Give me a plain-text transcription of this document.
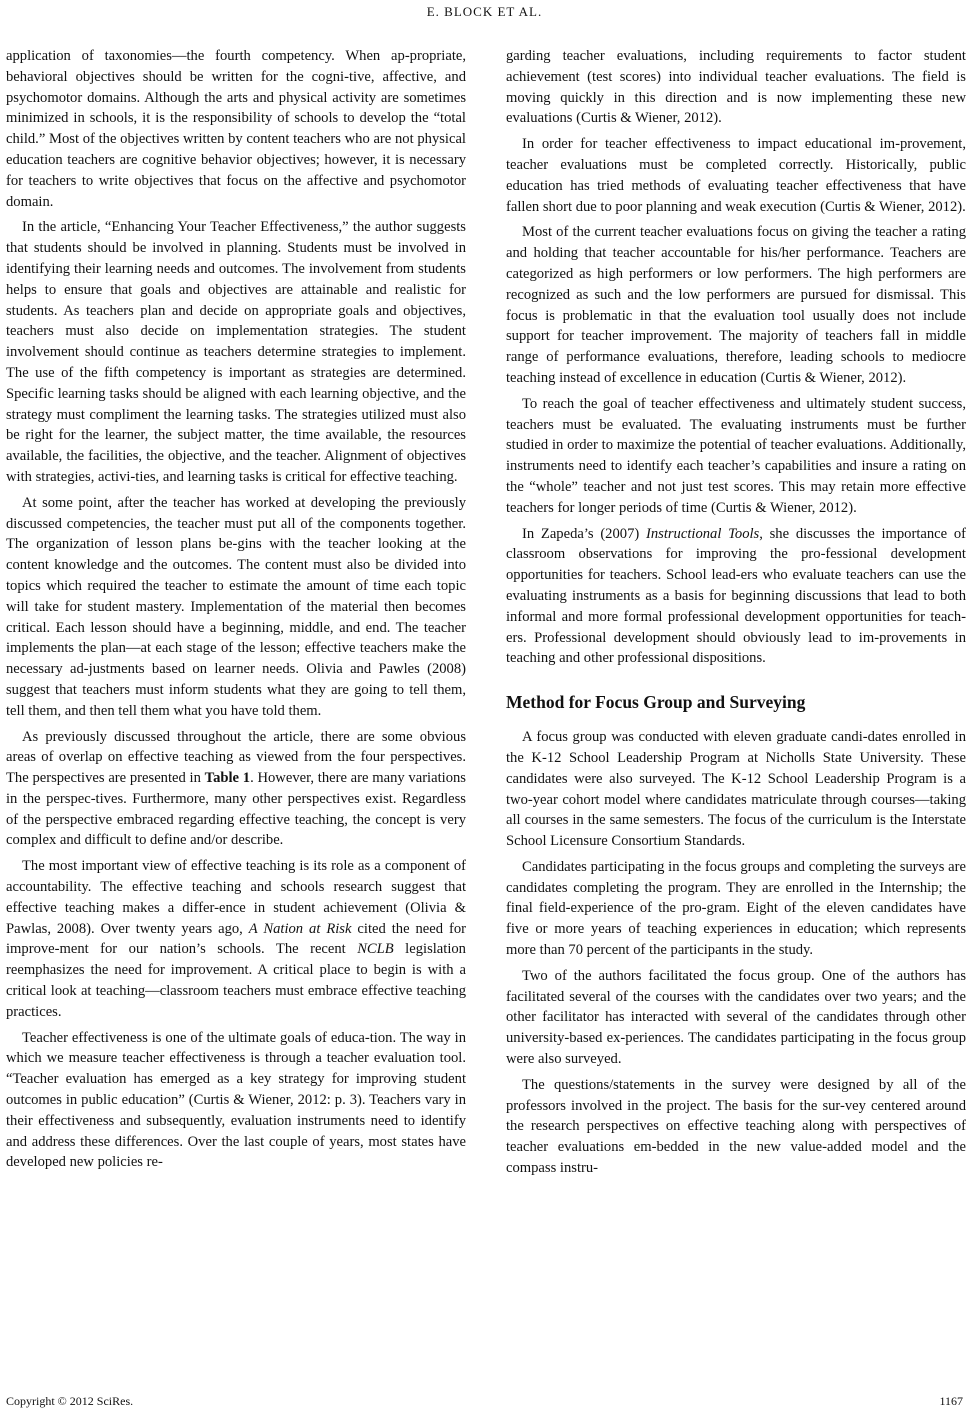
E. BLOCK ET AL.

application of taxonomies—the fourth competency. When ap-propriate, behavioral objectives should be written for the cogni-tive, affective, and psychomotor domains. Although the arts and physical activity are sometimes minimized in schools, it is the responsibility of schools to develop the “total child.” Most of the objectives written by content teachers who are not physical education teachers are cognitive behavior objectives; however, it is necessary for teachers to write objectives that focus on the affective and psychomotor domain.

In the article, “Enhancing Your Teacher Effectiveness,” the author suggests that students should be involved in planning. Students must be involved in identifying their learning needs and outcomes. The involvement from students helps to ensure that goals and objectives are attainable and realistic for students. As teachers plan and decide on appropriate goals and objectives, teachers must also decide on implementation strategies. The student involvement should continue as teachers determine strategies to implement. The use of the fifth competency is important as strategies are determined. Specific learning tasks should be aligned with each learning objective, and the strategy must compliment the learning tasks. The strategies utilized must also be right for the learner, the subject matter, the time available, the resources available, the facilities, the objective, and the teacher. Alignment of objectives with strategies, activi-ties, and learning tasks is critical for effective teaching.

At some point, after the teacher has worked at developing the previously discussed competencies, the teacher must put all of the components together. The organization of lesson plans be-gins with the teacher looking at the content knowledge and the outcomes. The content must also be divided into topics which required the teacher to estimate the amount of time each topic will take for student mastery. Implementation of the material then becomes critical. Each lesson should have a beginning, middle, and end. The teacher implements the plan—at each stage of the lesson; effective teachers make the necessary ad-justments based on learner needs. Olivia and Pawles (2008) suggest that teachers must inform students what they are going to tell them, tell them, and then tell them what you have told them.

As previously discussed throughout the article, there are some obvious areas of overlap on effective teaching as viewed from the four perspectives. The perspectives are presented in Table 1. However, there are many variations in the perspec-tives. Furthermore, many other perspectives exist. Regardless of the perspective embraced regarding effective teaching, the concept is very complex and difficult to define and/or describe.

The most important view of effective teaching is its role as a component of accountability. The effective teaching and schools research suggest that effective teaching makes a differ-ence in student achievement (Olivia & Pawlas, 2008). Over twenty years ago, A Nation at Risk cited the need for improve-ment for our nation’s schools. The recent NCLB legislation reemphasizes the need for improvement. A critical place to begin is with a critical look at teaching—classroom teachers must embrace effective teaching practices.

Teacher effectiveness is one of the ultimate goals of educa-tion. The way in which we measure teacher effectiveness is through a teacher evaluation tool. “Teacher evaluation has emerged as a key strategy for improving student outcomes in public education” (Curtis & Wiener, 2012: p. 3). Teachers vary in their effectiveness and subsequently, evaluation instruments need to identify and address these differences. Over the last couple of years, most states have developed new policies re-

garding teacher evaluations, including requirements to factor student achievement (test scores) into individual teacher evaluations. The field is moving quickly in this direction and is now implementing these new evaluations (Curtis & Wiener, 2012).

In order for teacher effectiveness to impact educational im-provement, teacher evaluations must be completed correctly. Historically, public education has tried methods of evaluating teacher effectiveness that have fallen short due to poor planning and weak execution (Curtis & Wiener, 2012).

Most of the current teacher evaluations focus on giving the teacher a rating and holding that teacher accountable for his/her performance. Teachers are categorized as high performers or low performers. The high performers are recognized as such and the low performers are pursued for dismissal. This focus is problematic in that the evaluation tool usually does not include support for teacher improvement. The majority of teachers fall in middle range of performance evaluations, therefore, leading schools to mediocre teaching instead of excellence in education (Curtis & Wiener, 2012).

To reach the goal of teacher effectiveness and ultimately student success, teachers must be evaluated. The evaluating instruments must be further studied in order to maximize the potential of teacher evaluations. Additionally, instruments need to identify each teacher’s capabilities and insure a rating on the “whole” teacher and not just test scores. This may retain more effective teachers for longer periods of time (Curtis & Wiener, 2012).

In Zapeda’s (2007) Instructional Tools, she discusses the importance of classroom observations for improving the pro-fessional development opportunities for teachers. School lead-ers who evaluate teachers can use the evaluating instruments as a basis for beginning discussions that lead to both informal and more formal professional development opportunities for teach-ers. Professional development should obviously lead to im-provements in teaching and other professional dispositions.

Method for Focus Group and Surveying

A focus group was conducted with eleven graduate candi-dates enrolled in the K-12 School Leadership Program at Nicholls State University. These candidates were also surveyed. The K-12 School Leadership Program is a two-year cohort model where candidates matriculate through courses—taking all courses in the same semesters. The focus of the curriculum is the Interstate School Licensure Consortium Standards.

Candidates participating in the focus groups and completing the surveys are candidates completing the program. They are enrolled in the Internship; the final field-experience of the pro-gram. Eight of the eleven candidates have five or more years of teaching experiences in education; which represents more than 70 percent of the participants in the study.

Two of the authors facilitated the focus group. One of the authors has facilitated several of the courses with the candidates over two years; and the other facilitator has interacted with several of the candidates through other university-based ex-periences. The candidates participating in the focus group were also surveyed.

The questions/statements in the survey were designed by all of the professors involved in the project. The basis for the sur-vey centered around the research perspectives on effective teaching along with perspectives of teacher evaluations em-bedded in the new value-added model and the compass instru-

Copyright © 2012 SciRes.	1167
